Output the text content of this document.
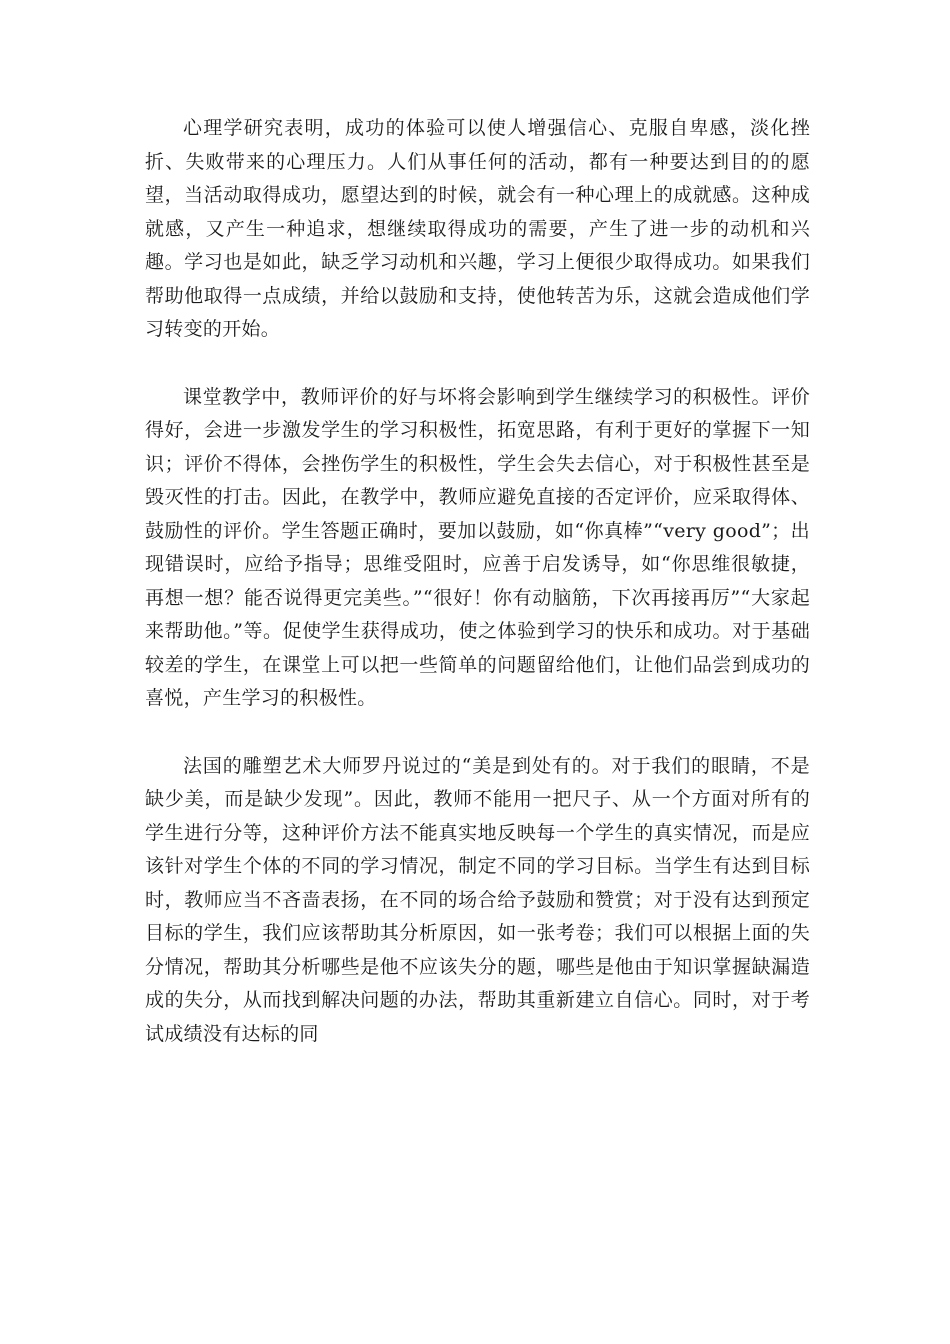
心理学研究表明，成功的体验可以使人增强信心、克服自卑感，淡化挫折、失败带来的心理压力。人们从事任何的活动，都有一种要达到目的的愿望，当活动取得成功，愿望达到的时候，就会有一种心理上的成就感。这种成就感，又产生一种追求，想继续取得成功的需要，产生了进一步的动机和兴趣。学习也是如此，缺乏学习动机和兴趣，学习上便很少取得成功。如果我们帮助他取得一点成绩，并给以鼓励和支持，使他转苦为乐，这就会造成他们学习转变的开始。

课堂教学中，教师评价的好与坏将会影响到学生继续学习的积极性。评价得好，会进一步激发学生的学习积极性，拓宽思路，有利于更好的掌握下一知识；评价不得体，会挫伤学生的积极性，学生会失去信心，对于积极性甚至是毁灭性的打击。因此，在教学中，教师应避免直接的否定评价，应采取得体、鼓励性的评价。学生答题正确时，要加以鼓励，如“你真棒”“very good”；出现错误时，应给予指导；思维受阻时，应善于启发诱导，如“你思维很敏捷，再想一想？能否说得更完美些。”“很好！你有动脑筋，下次再接再厉”“大家起来帮助他。”等。促使学生获得成功，使之体验到学习的快乐和成功。对于基础较差的学生，在课堂上可以把一些简单的问题留给他们，让他们品尝到成功的喜悦，产生学习的积极性。

法国的雕塑艺术大师罗丹说过的“美是到处有的。对于我们的眼睛，不是缺少美，而是缺少发现”。因此，教师不能用一把尺子、从一个方面对所有的学生进行分等，这种评价方法不能真实地反映每一个学生的真实情况，而是应该针对学生个体的不同的学习情况，制定不同的学习目标。当学生有达到目标时，教师应当不吝啬表扬，在不同的场合给予鼓励和赞赏；对于没有达到预定目标的学生，我们应该帮助其分析原因，如一张考卷；我们可以根据上面的失分情况，帮助其分析哪些是他不应该失分的题，哪些是他由于知识掌握缺漏造成的失分，从而找到解决问题的办法，帮助其重新建立自信心。同时，对于考试成绩没有达标的同
